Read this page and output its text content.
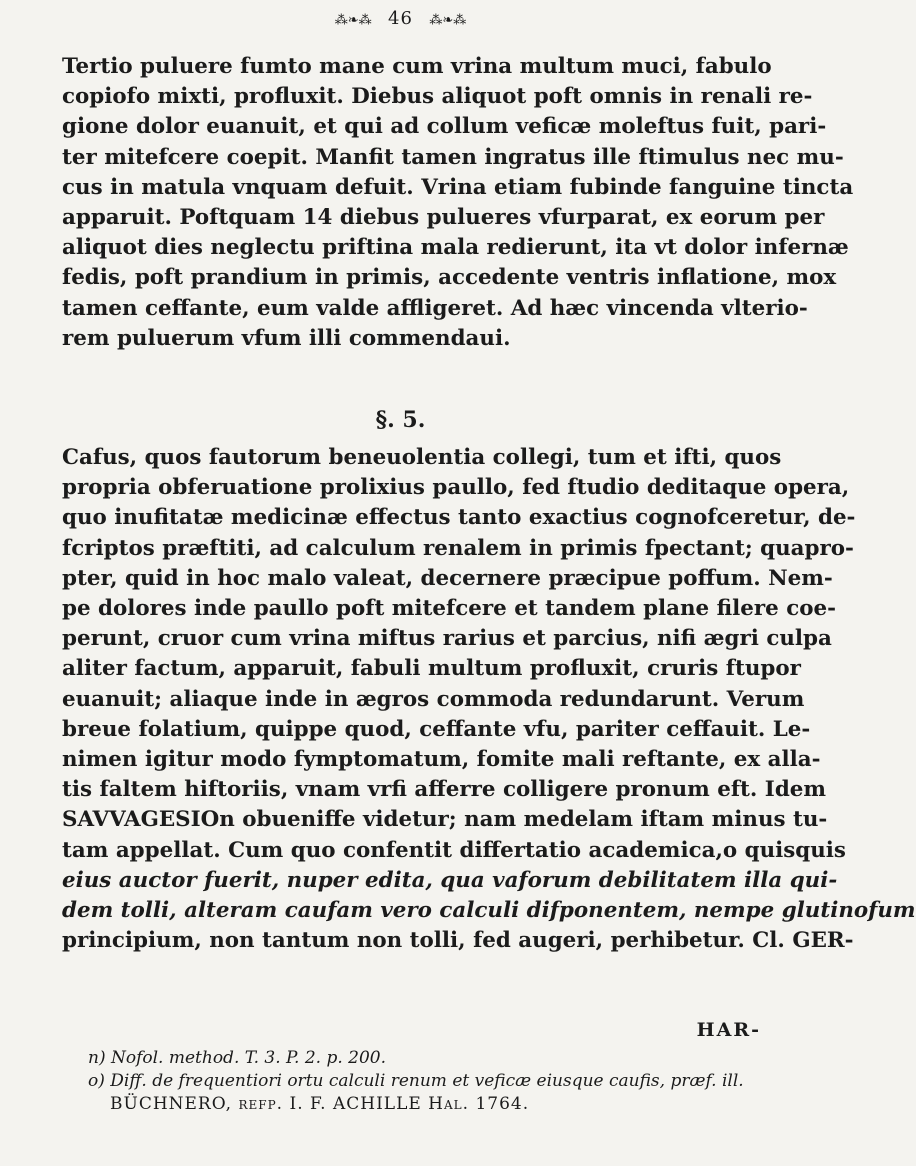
⁂❧⁂ 46 ⁂❧⁂
Tertio puluere fumto mane cum vrina multum muci, fabulo
copiofo mixti, profluxit. Diebus aliquot poft omnis in renali re-
gione dolor euanuit, et qui ad collum veficæ moleftus fuit, pari-
ter mitefcere coepit. Manfit tamen ingratus ille ftimulus nec mu-
cus in matula vnquam defuit. Vrina etiam fubinde fanguine tincta
apparuit. Poftquam 14 diebus pulueres vfurparat, ex eorum per
aliquot dies neglectu priftina mala redierunt, ita vt dolor infernæ
fedis, poft prandium in primis, accedente ventris inflatione, mox
tamen ceffante, eum valde affligeret. Ad hæc vincenda vlterio-
rem puluerum vfum illi commendaui.
§. 5.
Cafus, quos fautorum beneuolentia collegi, tum et ifti, quos
propria obferuatione prolixius paullo, fed ftudio deditaque opera,
quo inufitatæ medicinæ effectus tanto exactius cognofceretur, de-
fcriptos præftiti, ad calculum renalem in primis fpectant; quapro-
pter, quid in hoc malo valeat, decernere præcipue poffum. Nem-
pe dolores inde paullo poft mitefcere et tandem plane filere coe-
perunt, cruor cum vrina miftus rarius et parcius, nifi ægri culpa
aliter factum, apparuit, fabuli multum profluxit, cruris ftupor
euanuit; aliaque inde in ægros commoda redundarunt. Verum
breue folatium, quippe quod, ceffante vfu, pariter ceffauit. Le-
nimen igitur modo fymptomatum, fomite mali reftante, ex alla-
tis faltem hiftoriis, vnam vrfi afferre colligere pronum eft. Idem
SAVVAGESIOn obueniffe videtur; nam medelam iftam minus tu-
tam appellat. Cum quo confentit differtatio academica,o quisquis
eius auctor fuerit, nuper edita, qua vaforum debilitatem illa qui-
dem tolli, alteram caufam vero calculi difponentem, nempe glutinofum
principium, non tantum non tolli, fed augeri, perhibetur. Cl. GER-
HAR-
n) Nofol. method. T. 3. P. 2. p. 200.
o) Diff. de frequentiori ortu calculi renum et veficæ eiusque caufis, præf. ill.
BÜCHNERO, refp. I. F. ACHILLE Hal. 1764.
